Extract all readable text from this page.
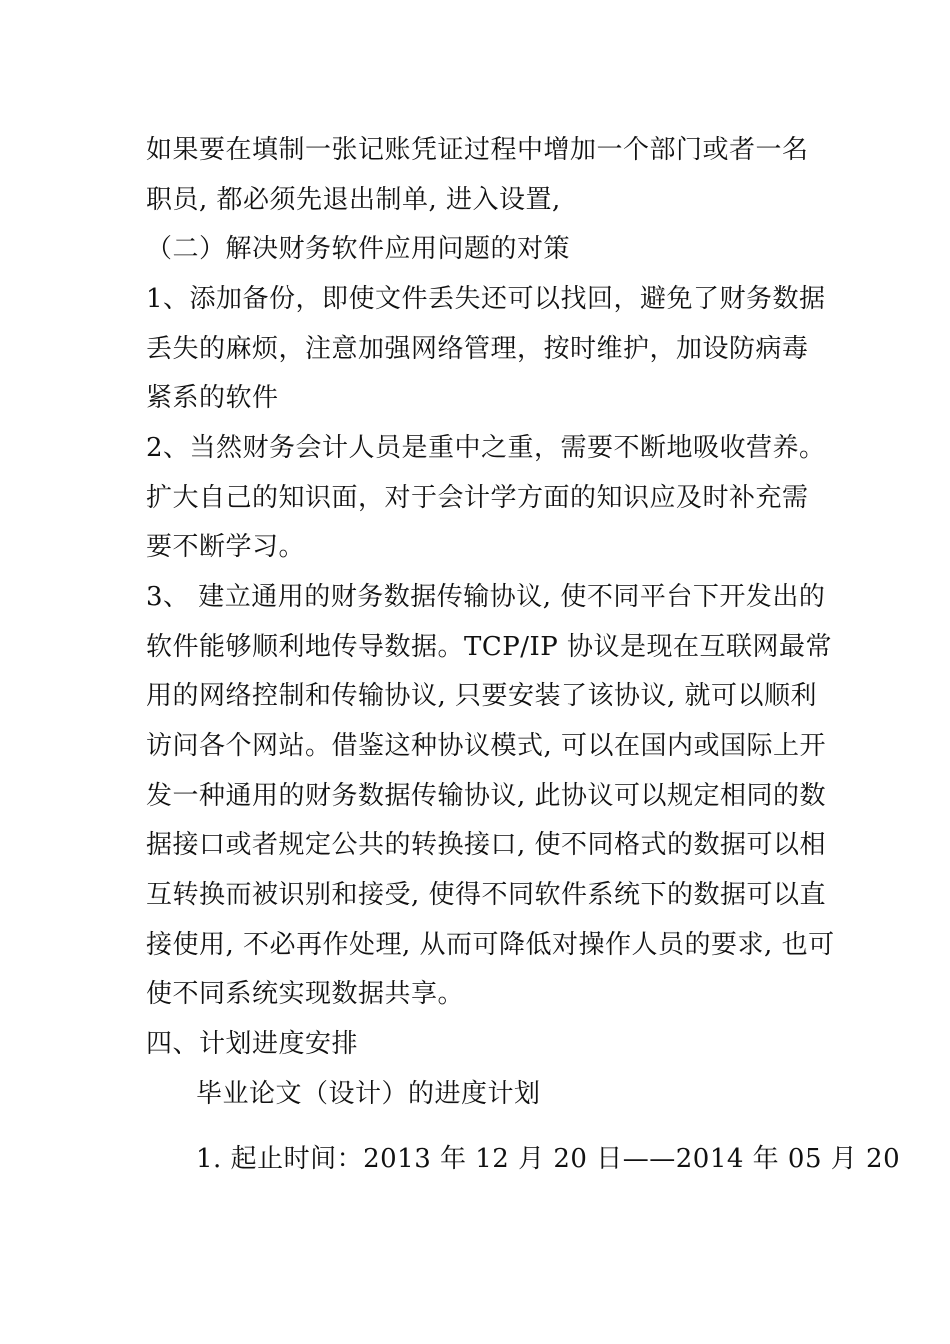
如果要在填制一张记账凭证过程中增加一个部门或者一名
职员, 都必须先退出制单, 进入设置,
（二）解决财务软件应用问题的对策
1、添加备份，即使文件丢失还可以找回，避免了财务数据
丢失的麻烦，注意加强网络管理，按时维护，加设防病毒
紧系的软件
2、当然财务会计人员是重中之重，需要不断地吸收营养。
扩大自己的知识面，对于会计学方面的知识应及时补充需
要不断学习。
3、 建立通用的财务数据传输协议, 使不同平台下开发出的
软件能够顺利地传导数据。TCP/IP 协议是现在互联网最常
用的网络控制和传输协议, 只要安装了该协议, 就可以顺利
访问各个网站。借鉴这种协议模式, 可以在国内或国际上开
发一种通用的财务数据传输协议, 此协议可以规定相同的数
据接口或者规定公共的转换接口, 使不同格式的数据可以相
互转换而被识别和接受, 使得不同软件系统下的数据可以直
接使用, 不必再作处理, 从而可降低对操作人员的要求, 也可
使不同系统实现数据共享。
四、计划进度安排
毕业论文（设计）的进度计划
1. 起止时间：2013 年 12 月 20 日——2014 年 05 月 20
